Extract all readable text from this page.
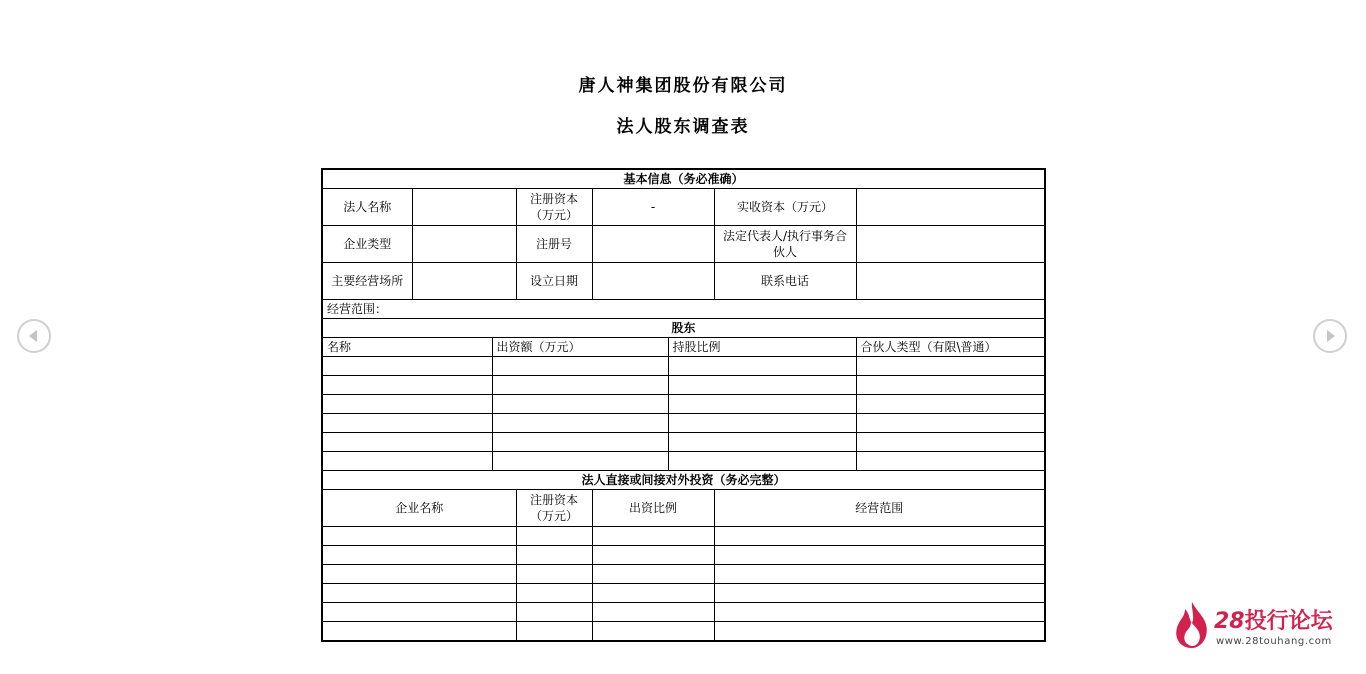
唐人神集团股份有限公司
法人股东调查表
基本信息（务必准确）							
法人名称			注册资本（万元）	-		实收资本（万元）	
企业类型			注册号			法定代表人/执行事务合伙人	
主要经营场所			设立日期			联系电话	
经营范围：							
股东							
名称		出资额（万元）			持股比例		合伙人类型（有限\普通）

法人直接或间接对外投资（务必完整）							
企业名称			注册资本（万元）	出资比例		经营范围	

28投行论坛
www.28touhang.com
